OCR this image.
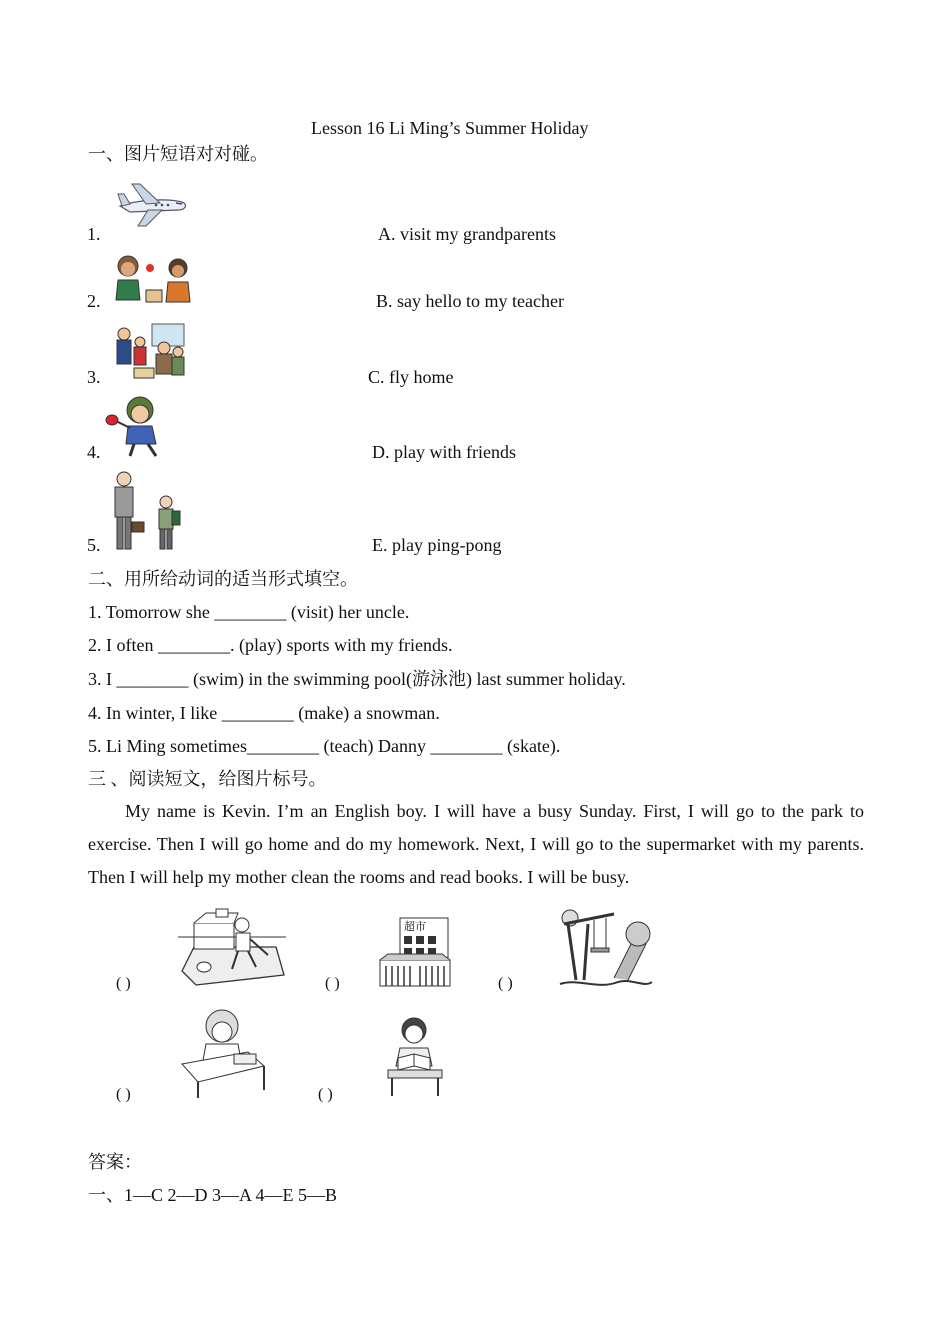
Lesson 16 Li Ming’s Summer Holiday
一、图片短语对对碰。
1.	A. visit my grandparents
2.	B. say hello to my teacher
3.	C. fly home
4.	D. play with friends
5.	E. play ping-pong
二、用所给动词的适当形式填空。
1. Tomorrow she ________ (visit) her uncle.
2. I often ________. (play) sports with my friends.
3. I ________ (swim) in the swimming pool(游泳池) last summer holiday.
4. In winter, I like ________ (make) a snowman.
5. Li Ming sometimes________ (teach) Danny ________ (skate).
三 、阅读短文，给图片标号。
My name is Kevin. I’m an English boy. I will have a busy Sunday. First, I will go to the park to exercise. Then I will go home and do my homework. Next, I will go to the supermarket with my parents. Then I will help my mother clean the rooms and read books. I will be busy.
( )	( )
超市
( )
( )	( )
答案：
一、1—C 2—D 3—A 4—E 5—B
